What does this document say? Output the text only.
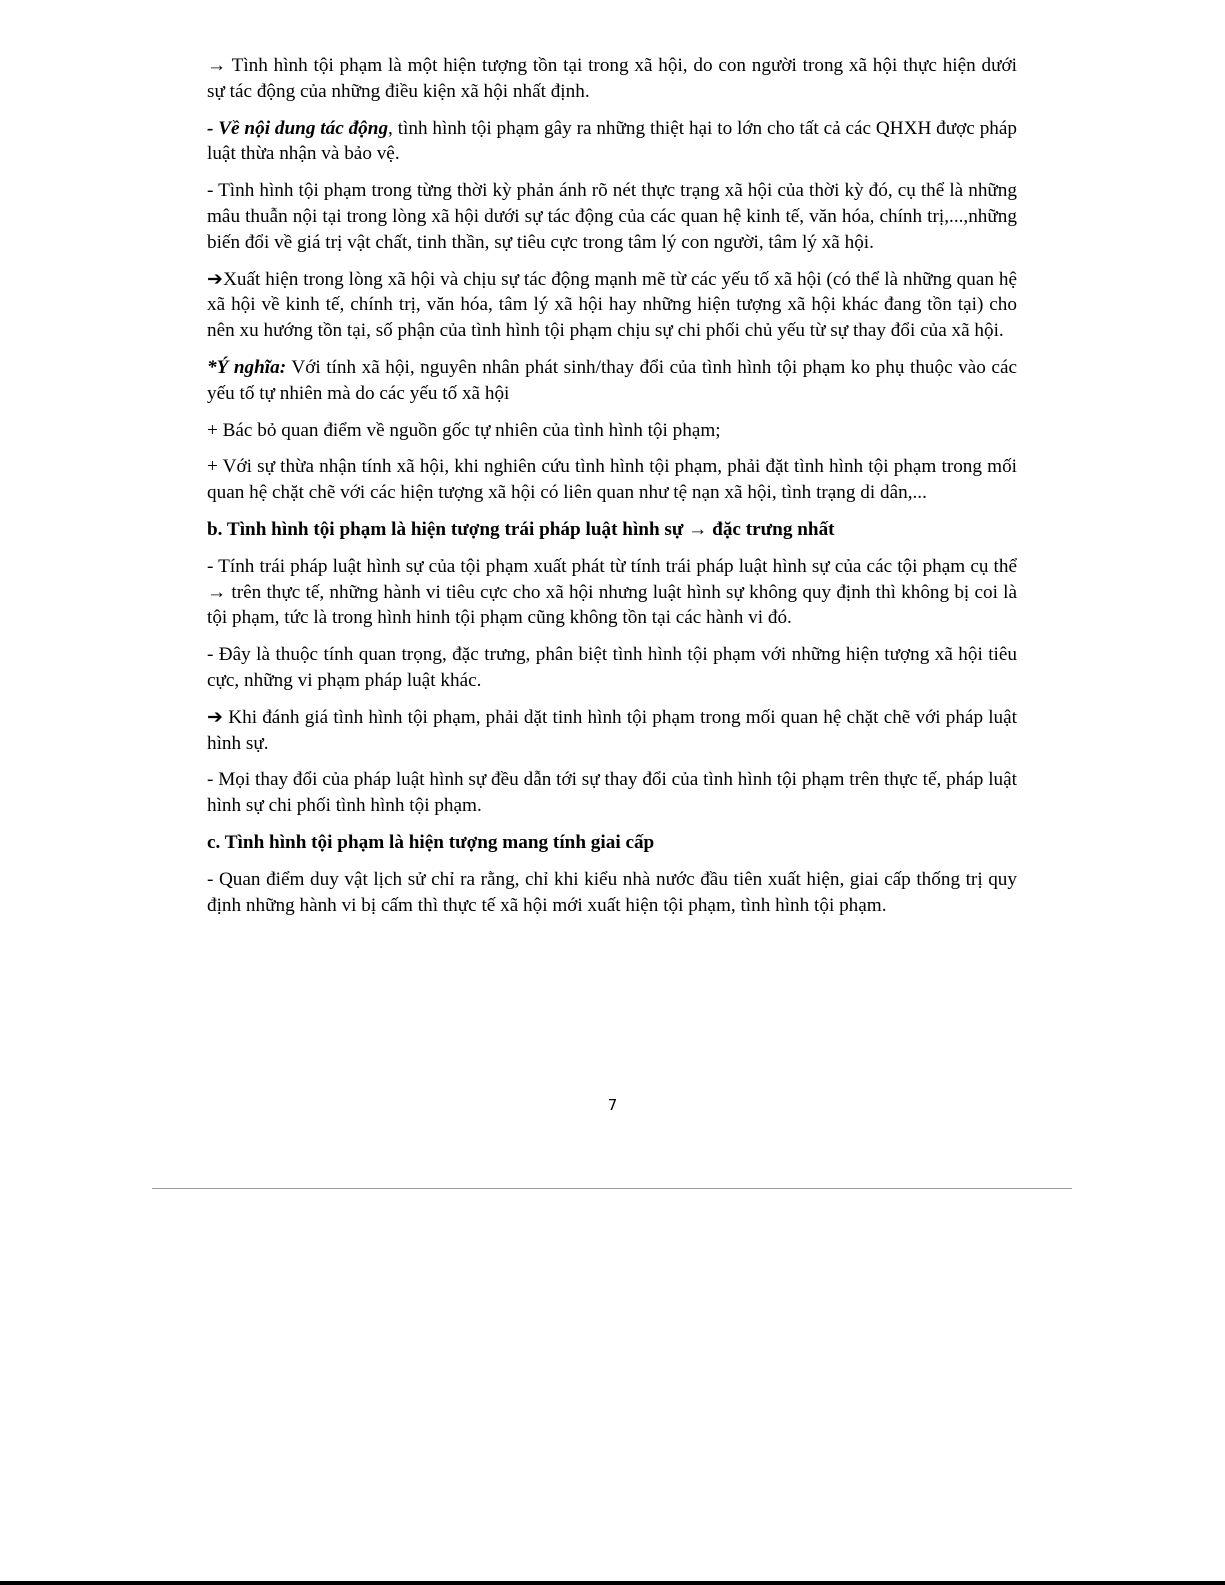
→ Tình hình tội phạm là một hiện tượng tồn tại trong xã hội, do con người trong xã hội thực hiện dưới sự tác động của những điều kiện xã hội nhất định.

- Về nội dung tác động, tình hình tội phạm gây ra những thiệt hại to lớn cho tất cả các QHXH được pháp luật thừa nhận và bảo vệ.

- Tình hình tội phạm trong từng thời kỳ phản ánh rõ nét thực trạng xã hội của thời kỳ đó, cụ thể là những mâu thuẫn nội tại trong lòng xã hội dưới sự tác động của các quan hệ kinh tế, văn hóa, chính trị,...,những biến đổi về giá trị vật chất, tinh thần, sự tiêu cực trong tâm lý con người, tâm lý xã hội.

➔Xuất hiện trong lòng xã hội và chịu sự tác động mạnh mẽ từ các yếu tố xã hội (có thể là những quan hệ xã hội về kinh tế, chính trị, văn hóa, tâm lý xã hội hay những hiện tượng xã hội khác đang tồn tại) cho nên xu hướng tồn tại, số phận của tình hình tội phạm chịu sự chi phối chủ yếu từ sự thay đổi của xã hội.

*Ý nghĩa: Với tính xã hội, nguyên nhân phát sinh/thay đổi của tình hình tội phạm ko phụ thuộc vào các yếu tố tự nhiên mà do các yếu tố xã hội

+ Bác bỏ quan điểm về nguồn gốc tự nhiên của tình hình tội phạm;

+ Với sự thừa nhận tính xã hội, khi nghiên cứu tình hình tội phạm, phải đặt tình hình tội phạm trong mối quan hệ chặt chẽ với các hiện tượng xã hội có liên quan như tệ nạn xã hội, tình trạng di dân,...

b. Tình hình tội phạm là hiện tượng trái pháp luật hình sự → đặc trưng nhất

- Tính trái pháp luật hình sự của tội phạm xuất phát từ tính trái pháp luật hình sự của các tội phạm cụ thể → trên thực tế, những hành vi tiêu cực cho xã hội nhưng luật hình sự không quy định thì không bị coi là tội phạm, tức là trong hình hinh tội phạm cũng không tồn tại các hành vi đó.

- Đây là thuộc tính quan trọng, đặc trưng, phân biệt tình hình tội phạm với những hiện tượng xã hội tiêu cực, những vi phạm pháp luật khác.

➔ Khi đánh giá tình hình tội phạm, phải dặt tinh hình tội phạm trong mối quan hệ chặt chẽ với pháp luật hình sự.

- Mọi thay đổi của pháp luật hình sự đều dẫn tới sự thay đổi của tình hình tội phạm trên thực tế, pháp luật hình sự chi phối tình hình tội phạm.

c. Tình hình tội phạm là hiện tượng mang tính giai cấp

- Quan điểm duy vật lịch sử chỉ ra rằng, chỉ khi kiểu nhà nước đầu tiên xuất hiện, giai cấp thống trị quy định những hành vi bị cấm thì thực tế xã hội mới xuất hiện tội phạm, tình hình tội phạm.

7
